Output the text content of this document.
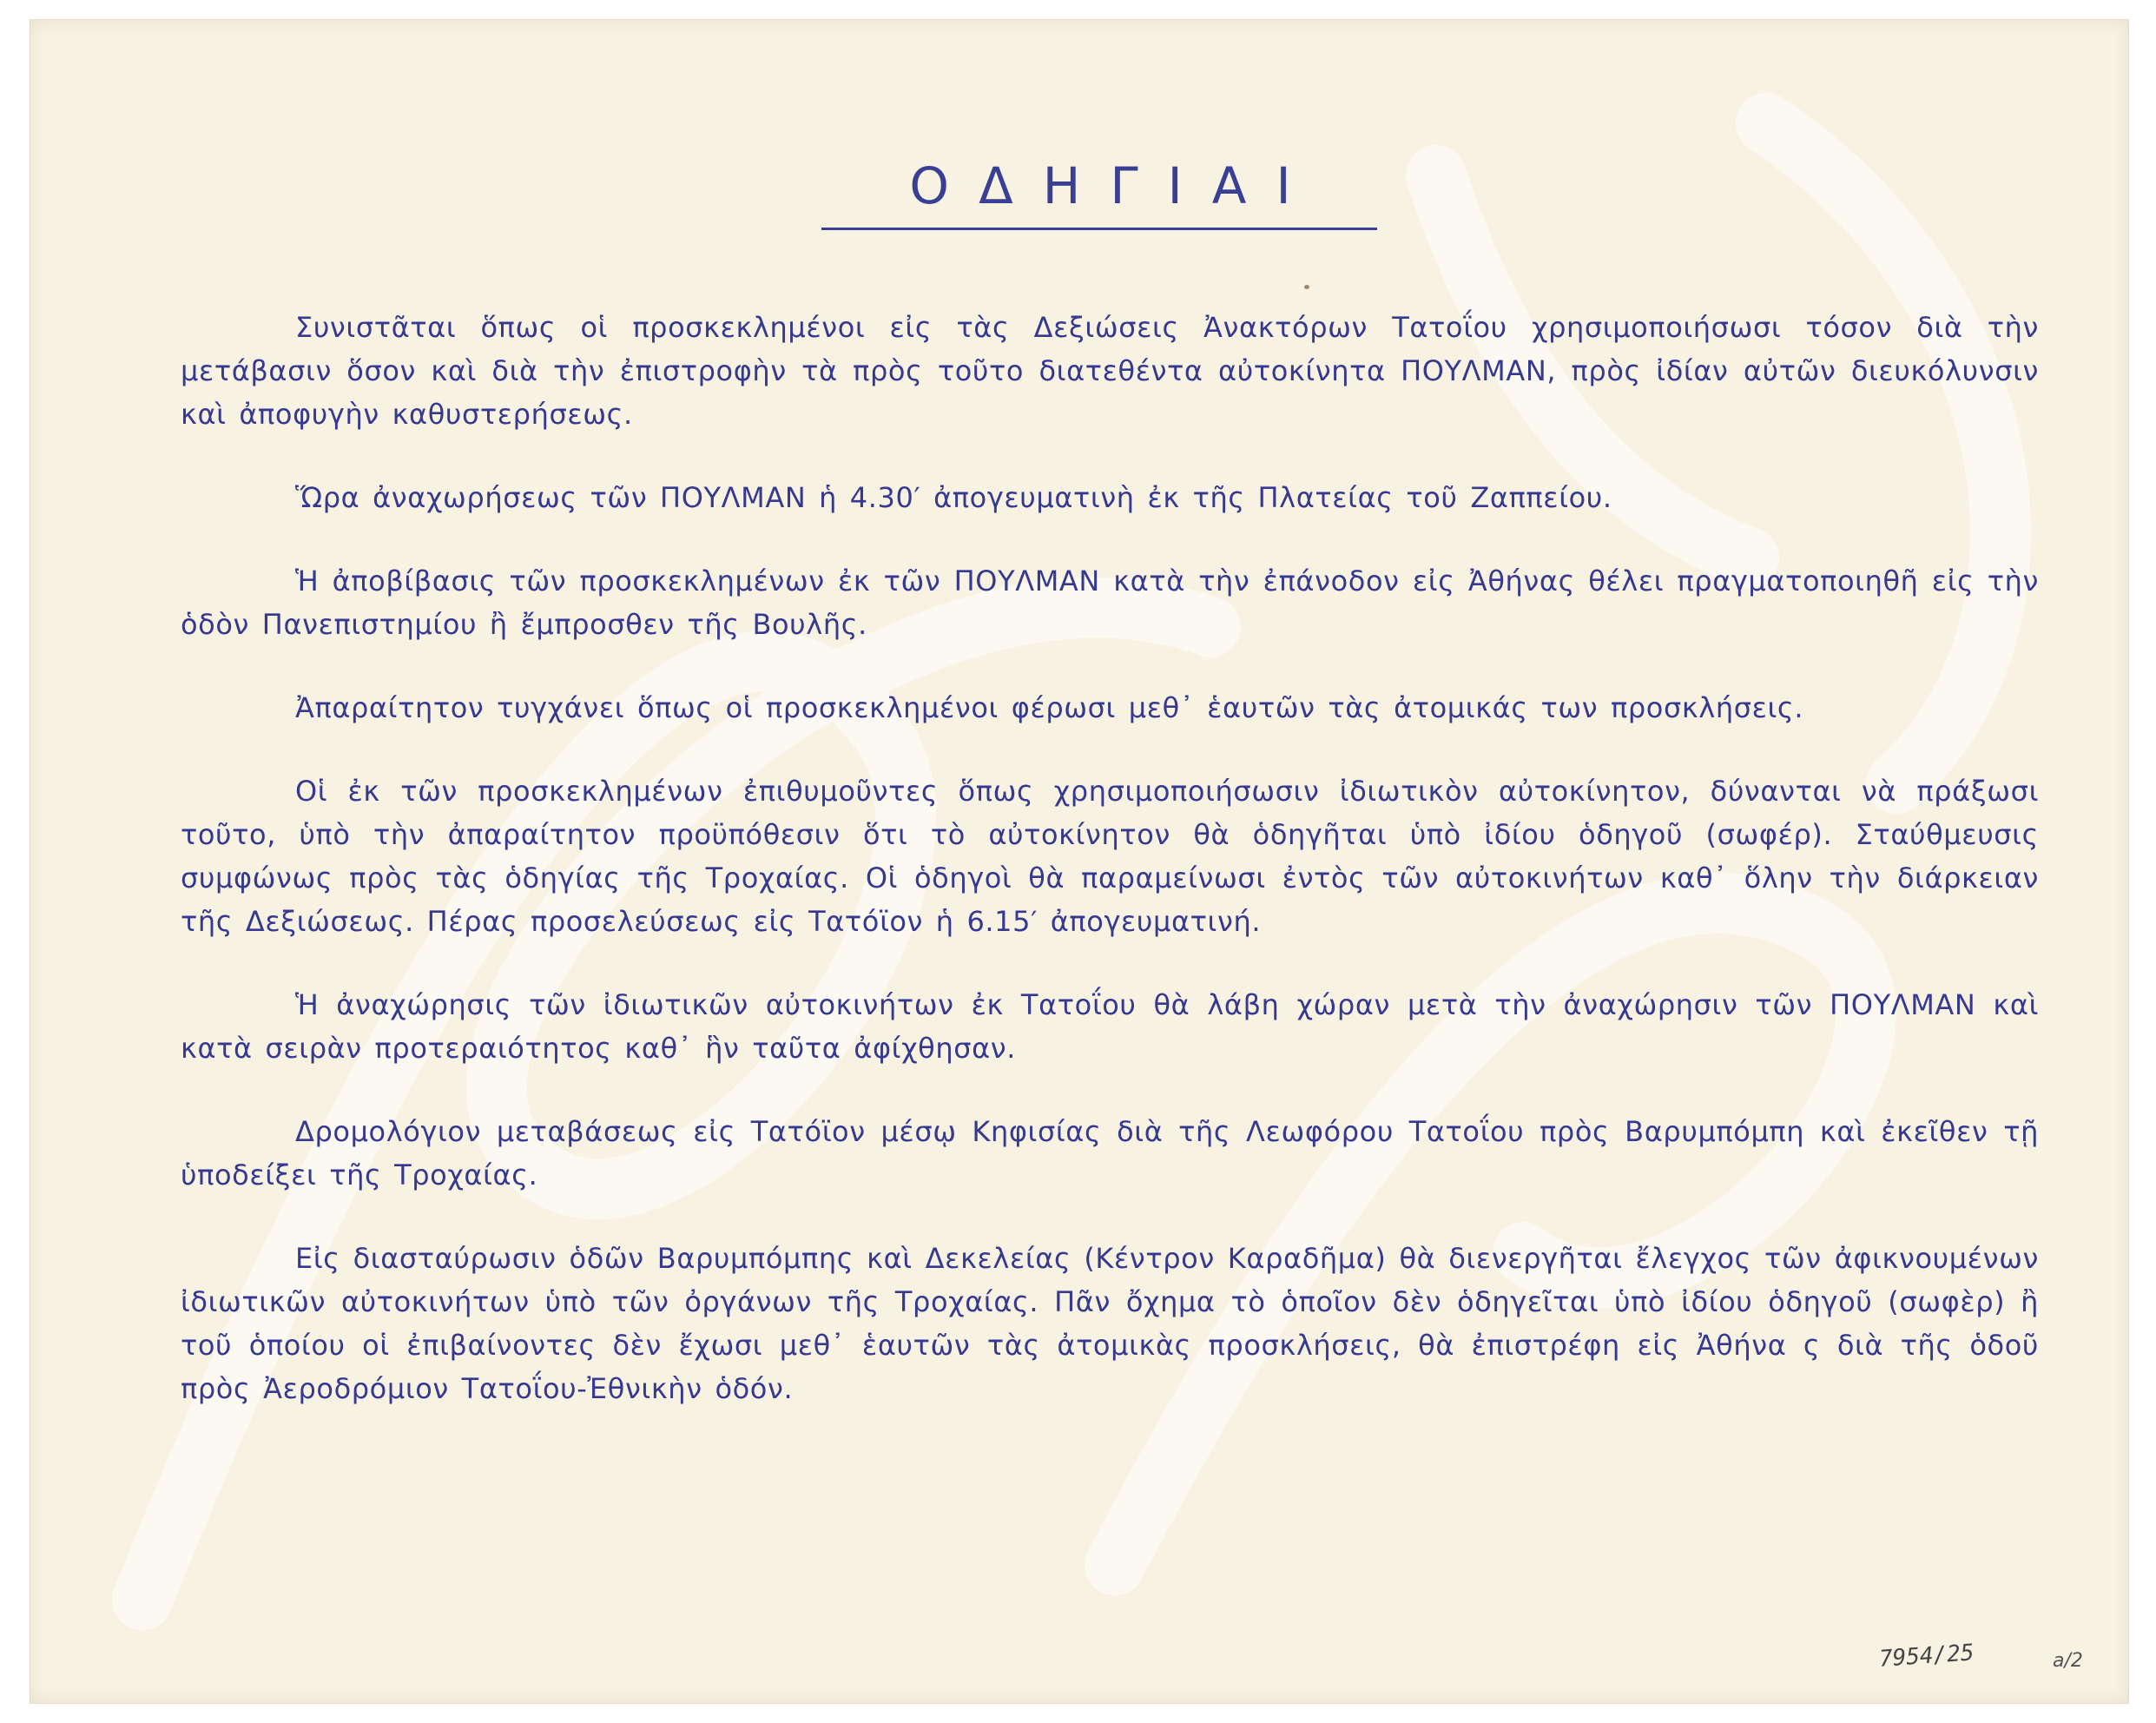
ΟΔΗΓΙΑΙ

Συνιστᾶται ὅπως οἱ προσκεκλημένοι εἰς τὰς Δεξιώσεις Ἀνακτόρων Τατοΐου χρησιμοποιήσωσι τόσον διὰ τὴν μετάβασιν ὅσον καὶ διὰ τὴν ἐπιστροφὴν τὰ πρὸς τοῦτο διατεθέντα αὐτοκίνητα ΠΟΥΛΜΑΝ, πρὸς ἰδίαν αὐτῶν διευκόλυνσιν καὶ ἀποφυγὴν καθυστερήσεως.

Ὥρα ἀναχωρήσεως τῶν ΠΟΥΛΜΑΝ ἡ 4.30′ ἀπογευματινὴ ἐκ τῆς Πλατείας τοῦ Ζαππείου.

Ἡ ἀποβίβασις τῶν προσκεκλημένων ἐκ τῶν ΠΟΥΛΜΑΝ κατὰ τὴν ἐπάνοδον εἰς Ἀθήνας θέλει πραγματοποιηθῆ εἰς τὴν ὁδὸν Πανεπιστημίου ἢ ἔμπροσθεν τῆς Βουλῆς.

Ἀπαραίτητον τυγχάνει ὅπως οἱ προσκεκλημένοι φέρωσι μεθ᾽ ἑαυτῶν τὰς ἀτομικάς των προσκλήσεις.

Οἱ ἐκ τῶν προσκεκλημένων ἐπιθυμοῦντες ὅπως χρησιμοποιήσωσιν ἰδιωτικὸν αὐτοκίνητον, δύνανται νὰ πράξωσι τοῦτο, ὑπὸ τὴν ἀπαραίτητον προϋπόθεσιν ὅτι τὸ αὐτοκίνητον θὰ ὁδηγῆται ὑπὸ ἰδίου ὁδηγοῦ (σωφέρ). Σταύθμευσις συμφώνως πρὸς τὰς ὁδηγίας τῆς Τροχαίας. Οἱ ὁδηγοὶ θὰ παραμείνωσι ἐντὸς τῶν αὐτοκινήτων καθ᾽ ὅλην τὴν διάρκειαν τῆς Δεξιώσεως. Πέρας προσελεύσεως εἰς Τατόϊον ἡ 6.15′ ἀπογευματινή.

Ἡ ἀναχώρησις τῶν ἰδιωτικῶν αὐτοκινήτων ἐκ Τατοΐου θὰ λάβη χώραν μετὰ τὴν ἀναχώρησιν τῶν ΠΟΥΛΜΑΝ καὶ κατὰ σειρὰν προτεραιότητος καθ᾽ ἣν ταῦτα ἀφίχθησαν.

Δρομολόγιον μεταβάσεως εἰς Τατόϊον μέσῳ Κηφισίας διὰ τῆς Λεωφόρου Τατοΐου πρὸς Βαρυμπόμπη καὶ ἐκεῖθεν τῇ ὑποδείξει τῆς Τροχαίας.

Εἰς διασταύρωσιν ὁδῶν Βαρυμπόμπης καὶ Δεκελείας (Κέντρον Καραδῆμα) θὰ διενεργῆται ἔλεγχος τῶν ἀφικνουμένων ἰδιωτικῶν αὐτοκινήτων ὑπὸ τῶν ὀργάνων τῆς Τροχαίας. Πᾶν ὄχημα τὸ ὁποῖον δὲν ὁδηγεῖται ὑπὸ ἰδίου ὁδηγοῦ (σωφὲρ) ἢ τοῦ ὁποίου οἱ ἐπιβαίνοντες δὲν ἔχωσι μεθ᾽ ἑαυτῶν τὰς ἀτομικὰς προσκλήσεις, θὰ ἐπιστρέφη εἰς Ἀθήνα ς διὰ τῆς ὁδοῦ πρὸς Ἀεροδρόμιον Τατοΐου-Ἐθνικὴν ὁδόν.

7954/25	a/2
